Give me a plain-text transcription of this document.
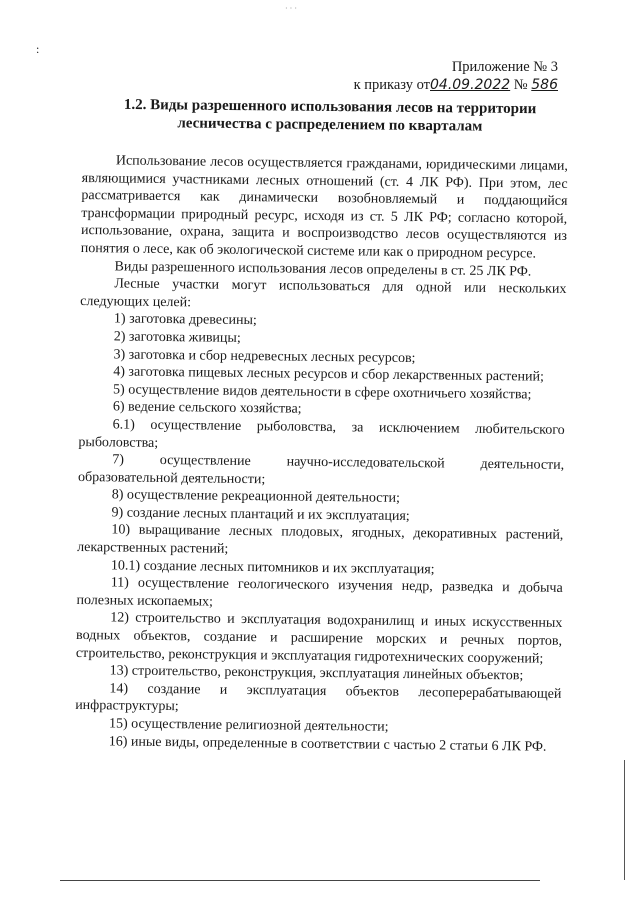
· · ·
:
Приложение № 3
к приказу от04.09.2022 № 586
1.2. Виды разрешенного использования лесов на территории лесничества с распределением по кварталам

Использование лесов осуществляется гражданами, юридическими лицами, являющимися участниками лесных отношений (ст. 4 ЛК РФ). При этом, лес рассматривается как динамически возобновляемый и поддающийся трансформации природный ресурс, исходя из ст. 5 ЛК РФ; согласно которой, использование, охрана, защита и воспроизводство лесов осуществляются из понятия о лесе, как об экологической системе или как о природном ресурсе.

Виды разрешенного использования лесов определены в ст. 25 ЛК РФ.

Лесные участки могут использоваться для одной или нескольких следующих целей:

1) заготовка древесины;

2) заготовка живицы;

3) заготовка и сбор недревесных лесных ресурсов;

4) заготовка пищевых лесных ресурсов и сбор лекарственных растений;

5) осуществление видов деятельности в сфере охотничьего хозяйства;

6) ведение сельского хозяйства;

6.1) осуществление рыболовства, за исключением любительского рыболовства;

7) осуществление научно-исследовательской деятельности, образовательной деятельности;

8) осуществление рекреационной деятельности;

9) создание лесных плантаций и их эксплуатация;

10) выращивание лесных плодовых, ягодных, декоративных растений, лекарственных растений;

10.1) создание лесных питомников и их эксплуатация;

11) осуществление геологического изучения недр, разведка и добыча полезных ископаемых;

12) строительство и эксплуатация водохранилищ и иных искусственных водных объектов, создание и расширение морских и речных портов, строительство, реконструкция и эксплуатация гидротехнических сооружений;

13) строительство, реконструкция, эксплуатация линейных объектов;

14) создание и эксплуатация объектов лесоперерабатывающей инфраструктуры;

15) осуществление религиозной деятельности;

16) иные виды, определенные в соответствии с частью 2 статьи 6 ЛК РФ.
